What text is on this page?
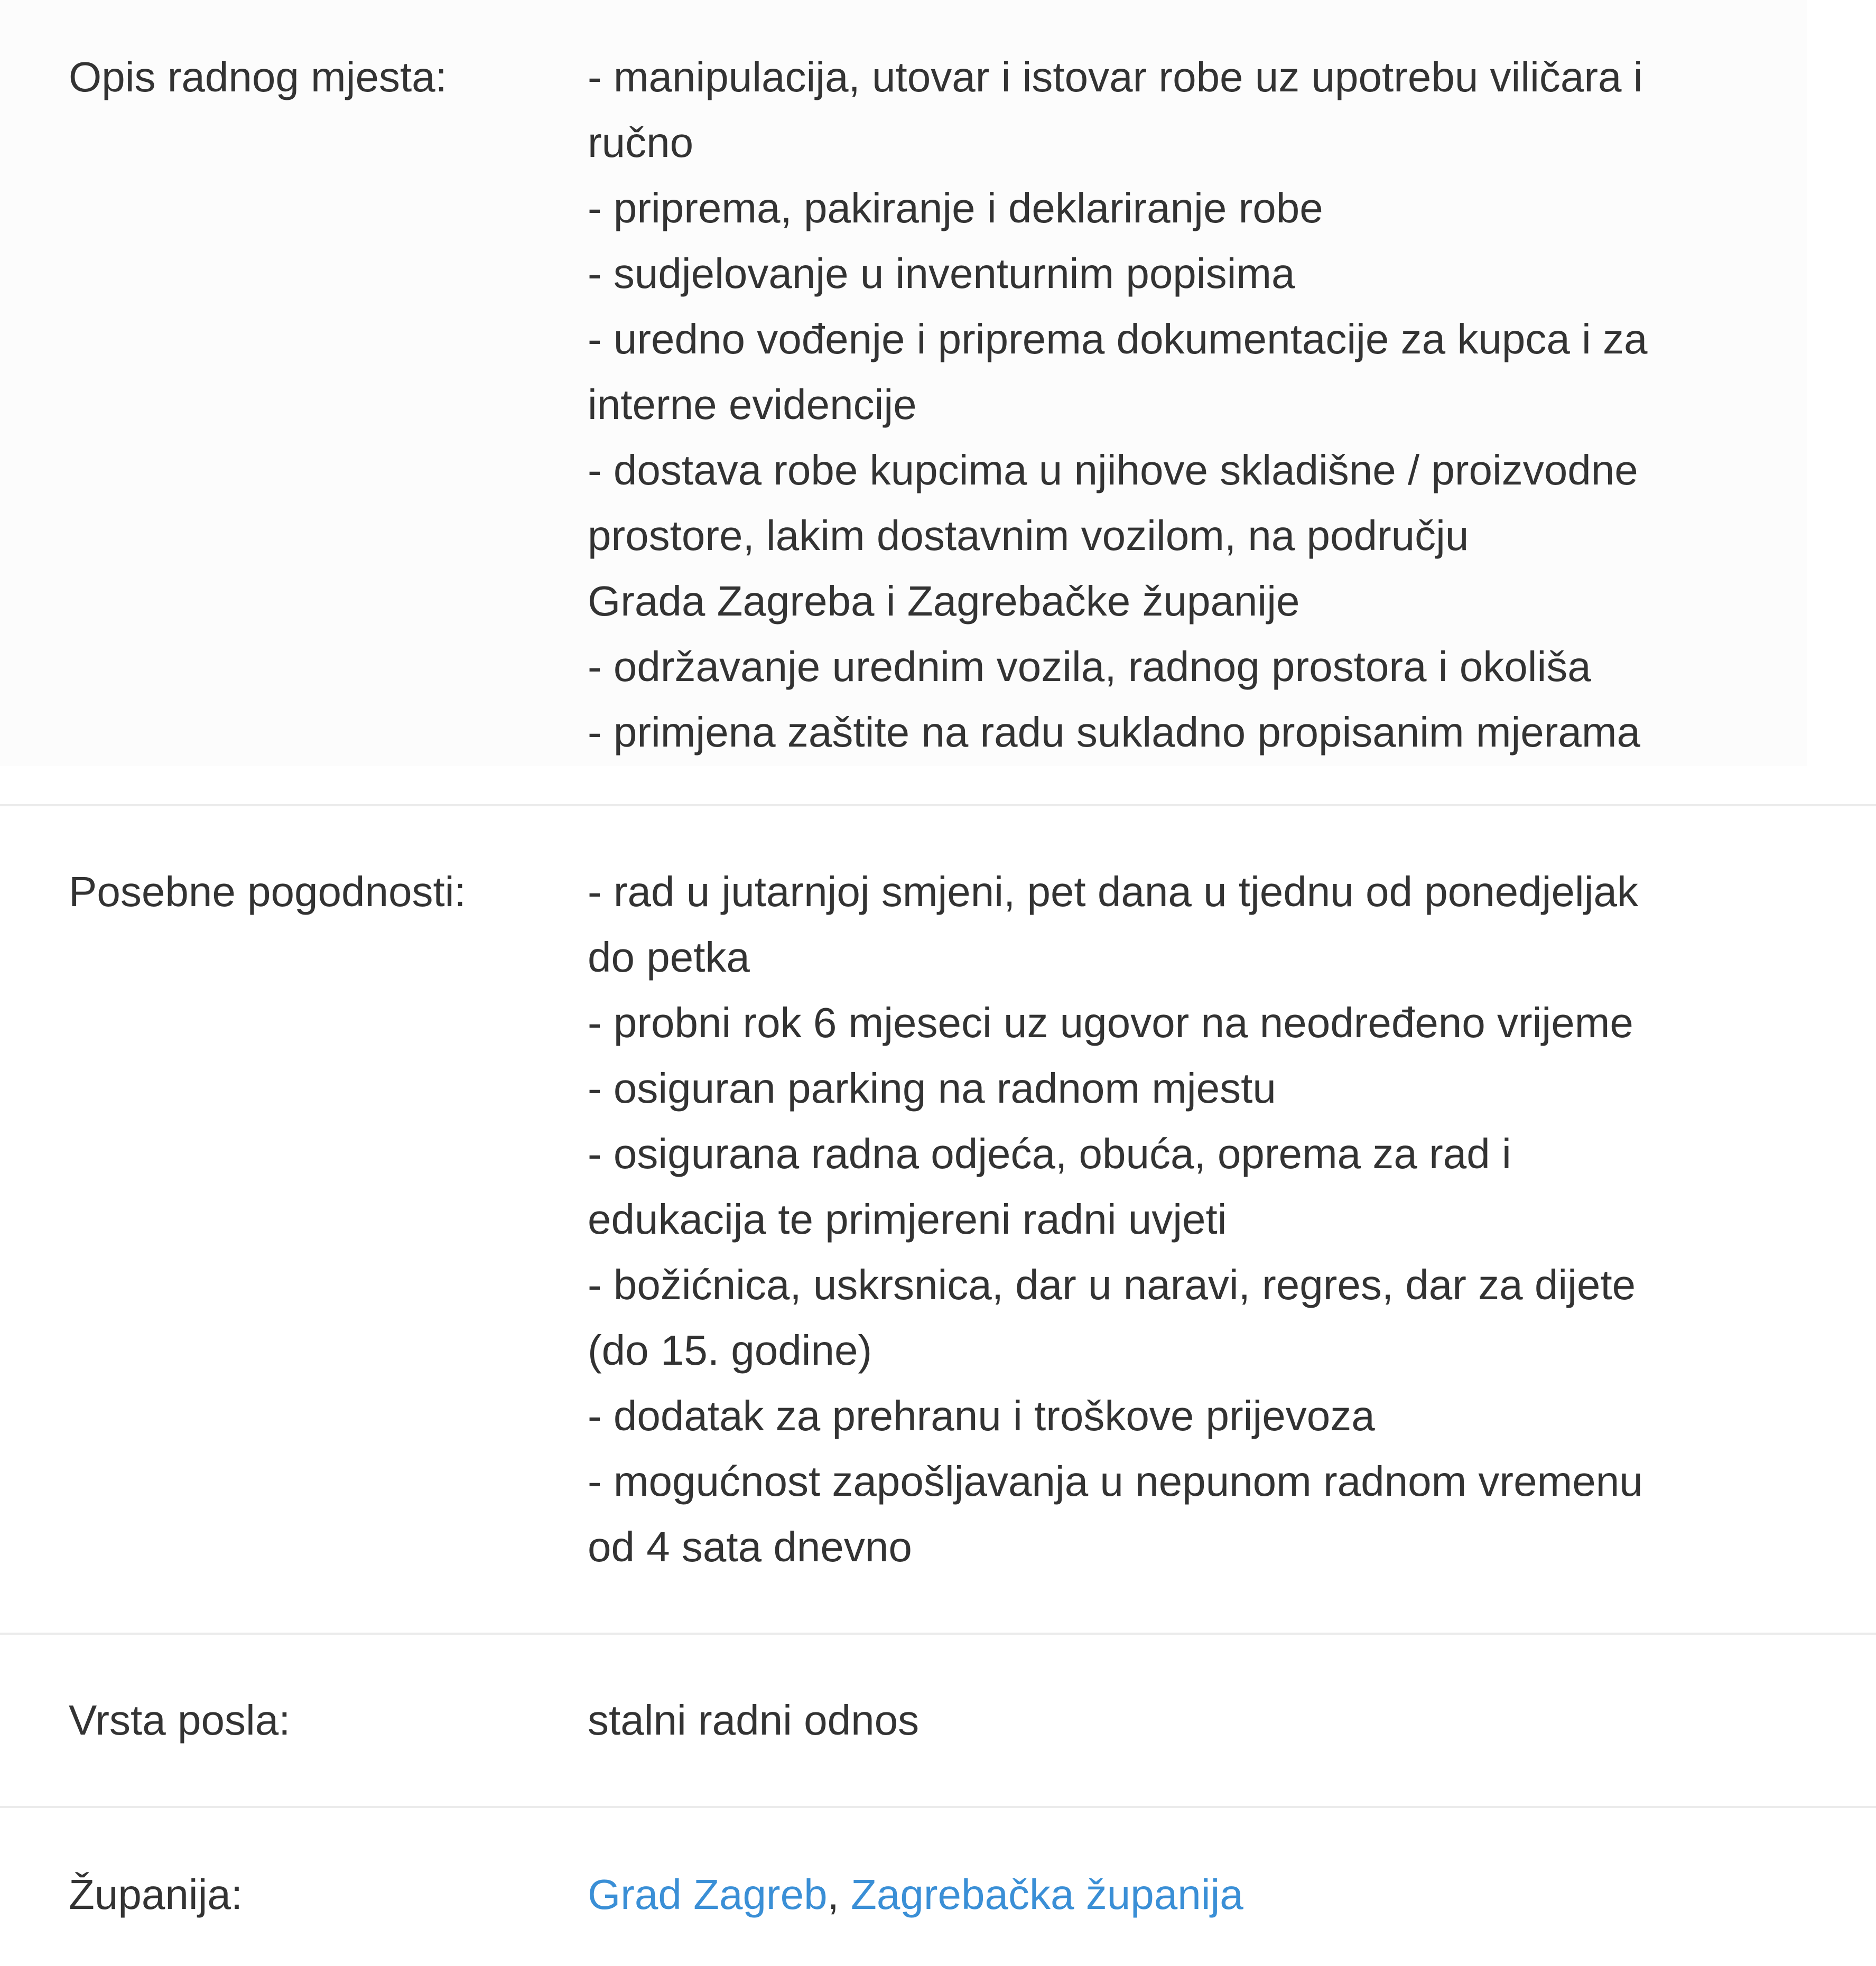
Opis radnog mjesta:	- manipulacija, utovar i istovar robe uz upotrebu viličara i
ručno
- priprema, pakiranje i deklariranje robe
- sudjelovanje u inventurnim popisima
- uredno vođenje i priprema dokumentacije za kupca i za
interne evidencije
- dostava robe kupcima u njihove skladišne / proizvodne
prostore, lakim dostavnim vozilom, na području
Grada Zagreba i Zagrebačke županije
- održavanje urednim vozila, radnog prostora i okoliša
- primjena zaštite na radu sukladno propisanim mjerama
Posebne pogodnosti:	- rad u jutarnjoj smjeni, pet dana u tjednu od ponedjeljak
do petka
- probni rok 6 mjeseci uz ugovor na neodređeno vrijeme
- osiguran parking na radnom mjestu
- osigurana radna odjeća, obuća, oprema za rad i
edukacija te primjereni radni uvjeti
- božićnica, uskrsnica, dar u naravi, regres, dar za dijete
(do 15. godine)
- dodatak za prehranu i troškove prijevoza
- mogućnost zapošljavanja u nepunom radnom vremenu
od 4 sata dnevno
Vrsta posla:	stalni radni odnos
Županija:	Grad Zagreb, Zagrebačka županija
